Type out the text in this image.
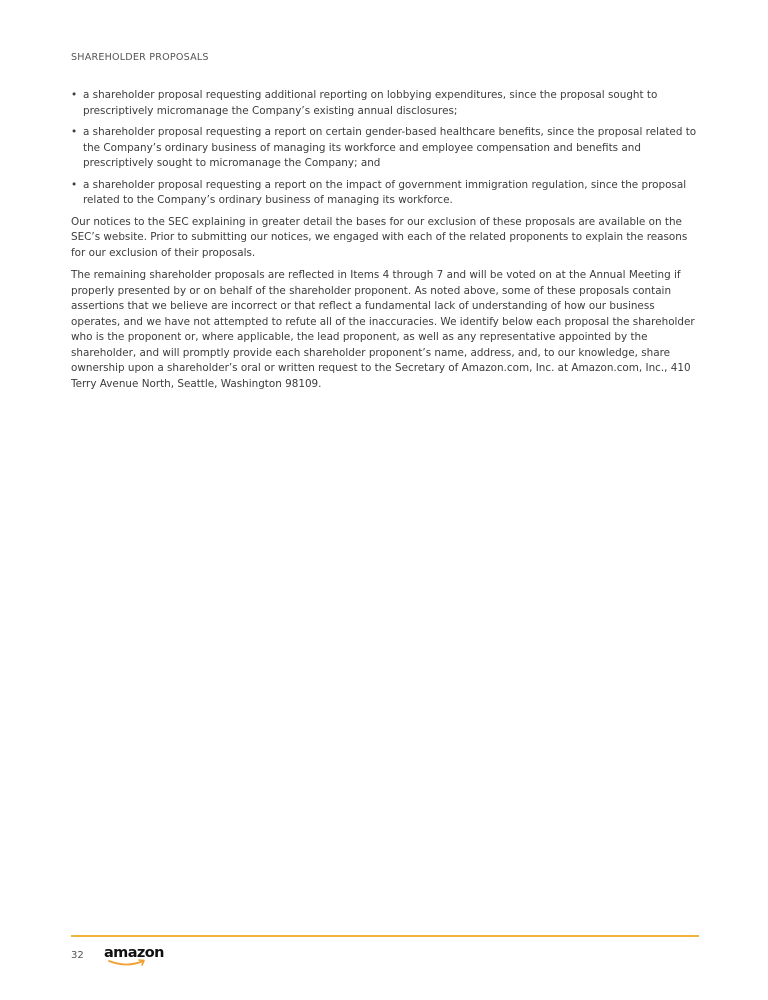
SHAREHOLDER PROPOSALS
• a shareholder proposal requesting additional reporting on lobbying expenditures, since the proposal sought to prescriptively micromanage the Company’s existing annual disclosures;
• a shareholder proposal requesting a report on certain gender-based healthcare benefits, since the proposal related to the Company’s ordinary business of managing its workforce and employee compensation and benefits and prescriptively sought to micromanage the Company; and
• a shareholder proposal requesting a report on the impact of government immigration regulation, since the proposal related to the Company’s ordinary business of managing its workforce.

Our notices to the SEC explaining in greater detail the bases for our exclusion of these proposals are available on the SEC’s website. Prior to submitting our notices, we engaged with each of the related proponents to explain the reasons for our exclusion of their proposals.

The remaining shareholder proposals are reflected in Items 4 through 7 and will be voted on at the Annual Meeting if properly presented by or on behalf of the shareholder proponent. As noted above, some of these proposals contain assertions that we believe are incorrect or that reflect a fundamental lack of understanding of how our business operates, and we have not attempted to refute all of the inaccuracies. We identify below each proposal the shareholder who is the proponent or, where applicable, the lead proponent, as well as any representative appointed by the shareholder, and will promptly provide each shareholder proponent’s name, address, and, to our knowledge, share ownership upon a shareholder’s oral or written request to the Secretary of Amazon.com, Inc. at Amazon.com, Inc., 410 Terry Avenue North, Seattle, Washington 98109.

32 amazon
